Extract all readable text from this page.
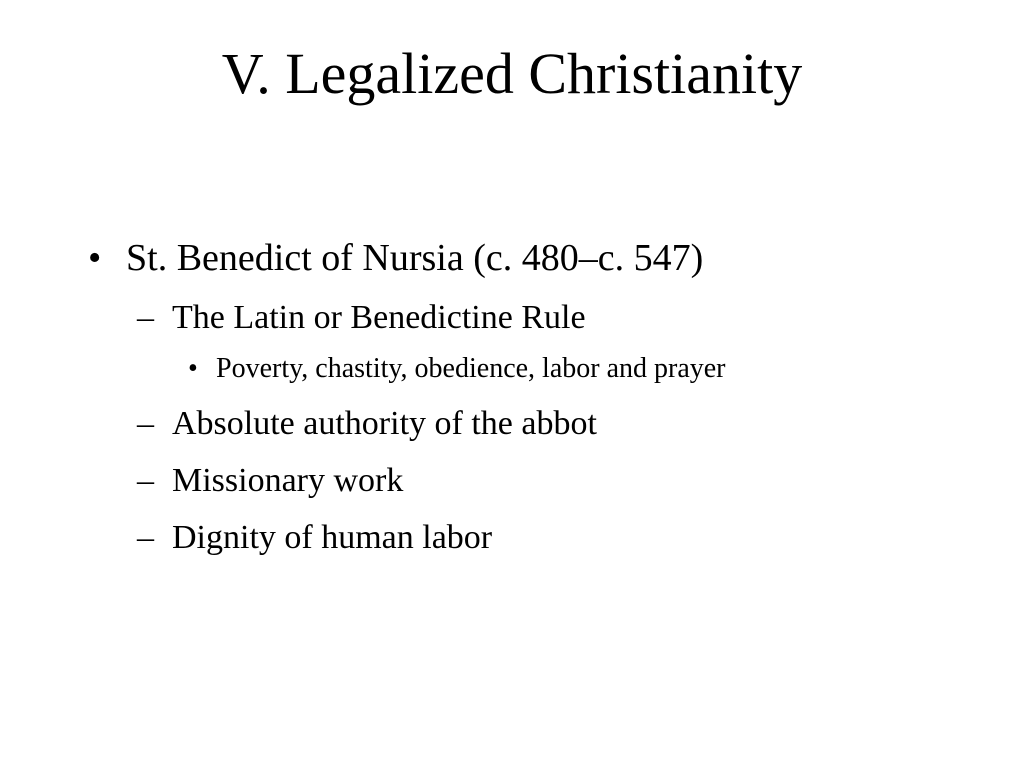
V. Legalized Christianity
• St. Benedict of Nursia (c. 480–c. 547)
– The Latin or Benedictine Rule
• Poverty, chastity, obedience, labor and prayer
– Absolute authority of the abbot
– Missionary work
– Dignity of human labor
